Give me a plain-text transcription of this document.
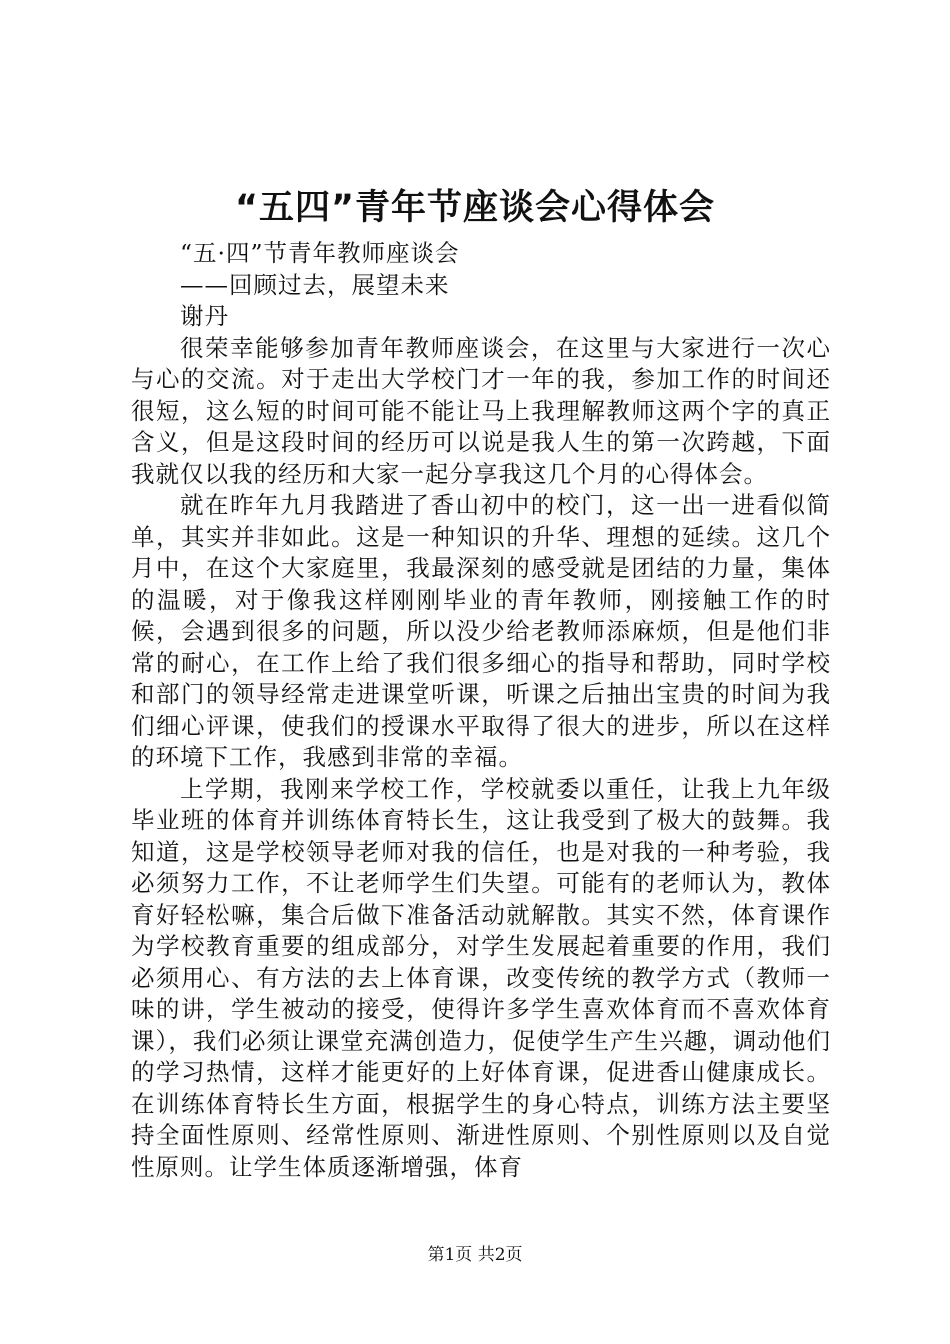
“五四”青年节座谈会心得体会

“五·四”节青年教师座谈会

——回顾过去，展望未来

谢丹

很荣幸能够参加青年教师座谈会，在这里与大家进行一次心与心的交流。对于走出大学校门才一年的我，参加工作的时间还很短，这么短的时间可能不能让马上我理解教师这两个字的真正含义，但是这段时间的经历可以说是我人生的第一次跨越，下面我就仅以我的经历和大家一起分享我这几个月的心得体会。

就在昨年九月我踏进了香山初中的校门，这一出一进看似简单，其实并非如此。这是一种知识的升华、理想的延续。这几个月中，在这个大家庭里，我最深刻的感受就是团结的力量，集体的温暖，对于像我这样刚刚毕业的青年教师，刚接触工作的时候，会遇到很多的问题，所以没少给老教师添麻烦，但是他们非常的耐心，在工作上给了我们很多细心的指导和帮助，同时学校和部门的领导经常走进课堂听课，听课之后抽出宝贵的时间为我们细心评课，使我们的授课水平取得了很大的进步，所以在这样的环境下工作，我感到非常的幸福。

上学期，我刚来学校工作，学校就委以重任，让我上九年级毕业班的体育并训练体育特长生，这让我受到了极大的鼓舞。我知道，这是学校领导老师对我的信任，也是对我的一种考验，我必须努力工作，不让老师学生们失望。可能有的老师认为，教体育好轻松嘛，集合后做下准备活动就解散。其实不然，体育课作为学校教育重要的组成部分，对学生发展起着重要的作用，我们必须用心、有方法的去上体育课，改变传统的教学方式（教师一味的讲，学生被动的接受，使得许多学生喜欢体育而不喜欢体育课），我们必须让课堂充满创造力，促使学生产生兴趣，调动他们的学习热情，这样才能更好的上好体育课，促进香山健康成长。在训练体育特长生方面，根据学生的身心特点，训练方法主要坚持全面性原则、经常性原则、渐进性原则、个别性原则以及自觉性原则。让学生体质逐渐增强，体育

第1页 共2页
